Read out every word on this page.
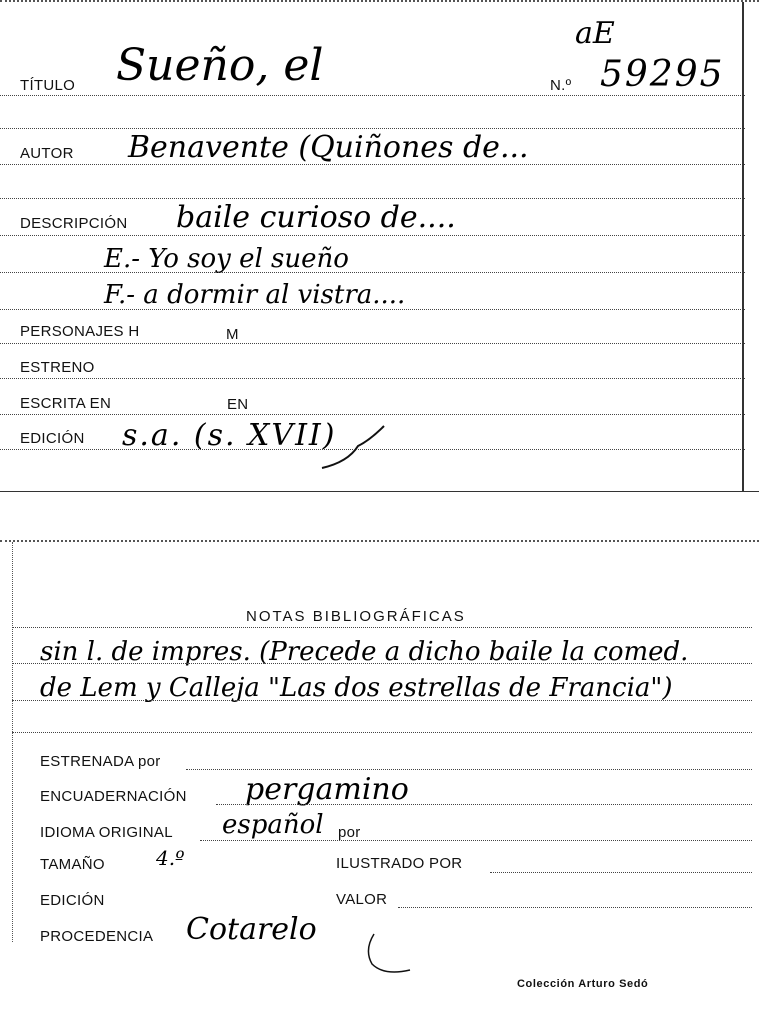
TÍTULO Sueño, el	N.º
aE
59295
AUTOR Benavente (Quiñones de...
DESCRIPCIÓN baile curioso de....
E.- Yo soy el sueño
F.- a dormir al vistra....
PERSONAJES H	M
ESTRENO
ESCRITA EN	EN
EDICIÓN s.a. (s. XVII)
NOTAS BIBLIOGRÁFICAS
sin l. de impres. (Precede a dicho baile la comed.
de Lem y Calleja "Las dos estrellas de Francia")
ESTRENADA por
ENCUADERNACIÓN pergamino
IDIOMA ORIGINAL español por
TAMAÑO	4.º	ILUSTRADO POR
EDICIÓN	VALOR
PROCEDENCIA Cotarelo
Colección Arturo Sedó
